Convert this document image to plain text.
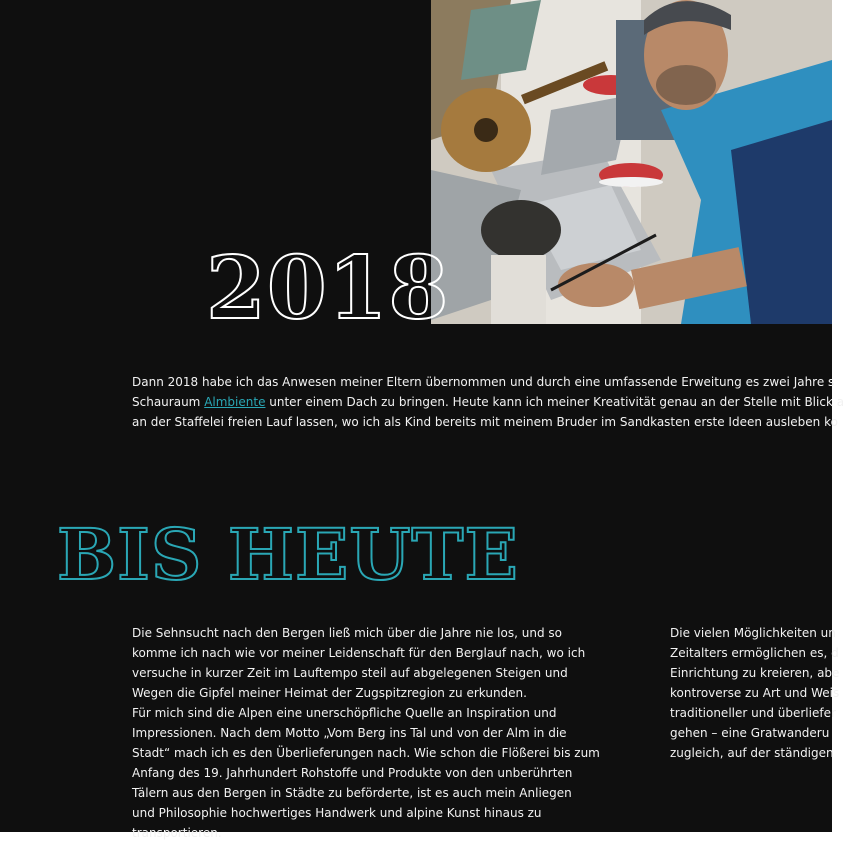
2018

Dann 2018 habe ich das Anwesen meiner Eltern übernommen und durch eine umfassende Erweitung es zwei Jahre s
Schauraum Almbiente unter einem Dach zu bringen. Heute kann ich meiner Kreativität genau an der Stelle mit Blick a
an der Staffelei freien Lauf lassen, wo ich als Kind bereits mit meinem Bruder im Sandkasten erste Ideen ausleben ko

BIS HEUTE
Die Sehnsucht nach den Bergen ließ mich über die Jahre nie los, und so
komme ich nach wie vor meiner Leidenschaft für den Berglauf nach, wo ich
versuche in kurzer Zeit im Lauftempo steil auf abgelegenen Steigen und
Wegen die Gipfel meiner Heimat der Zugspitzregion zu erkunden.
Für mich sind die Alpen eine unerschöpfliche Quelle an Inspiration und
Impressionen. Nach dem Motto „Vom Berg ins Tal und von der Alm in die
Stadt“ mach ich es den Überlieferungen nach. Wie schon die Flößerei bis zum
Anfang des 19. Jahrhundert Rohstoffe und Produkte von den unberührten
Tälern aus den Bergen in Städte zu beförderte, ist es auch mein Anliegen
und Philosophie hochwertiges Handwerk und alpine Kunst hinaus zu
transportieren.
Die vielen Möglichkeiten un
Zeitalters ermöglichen es, d
Einrichtung zu kreieren, abe
kontroverse zu Art und Weis
traditioneller und überliefer
gehen – eine Gratwanderu
zugleich, auf der ständigen
